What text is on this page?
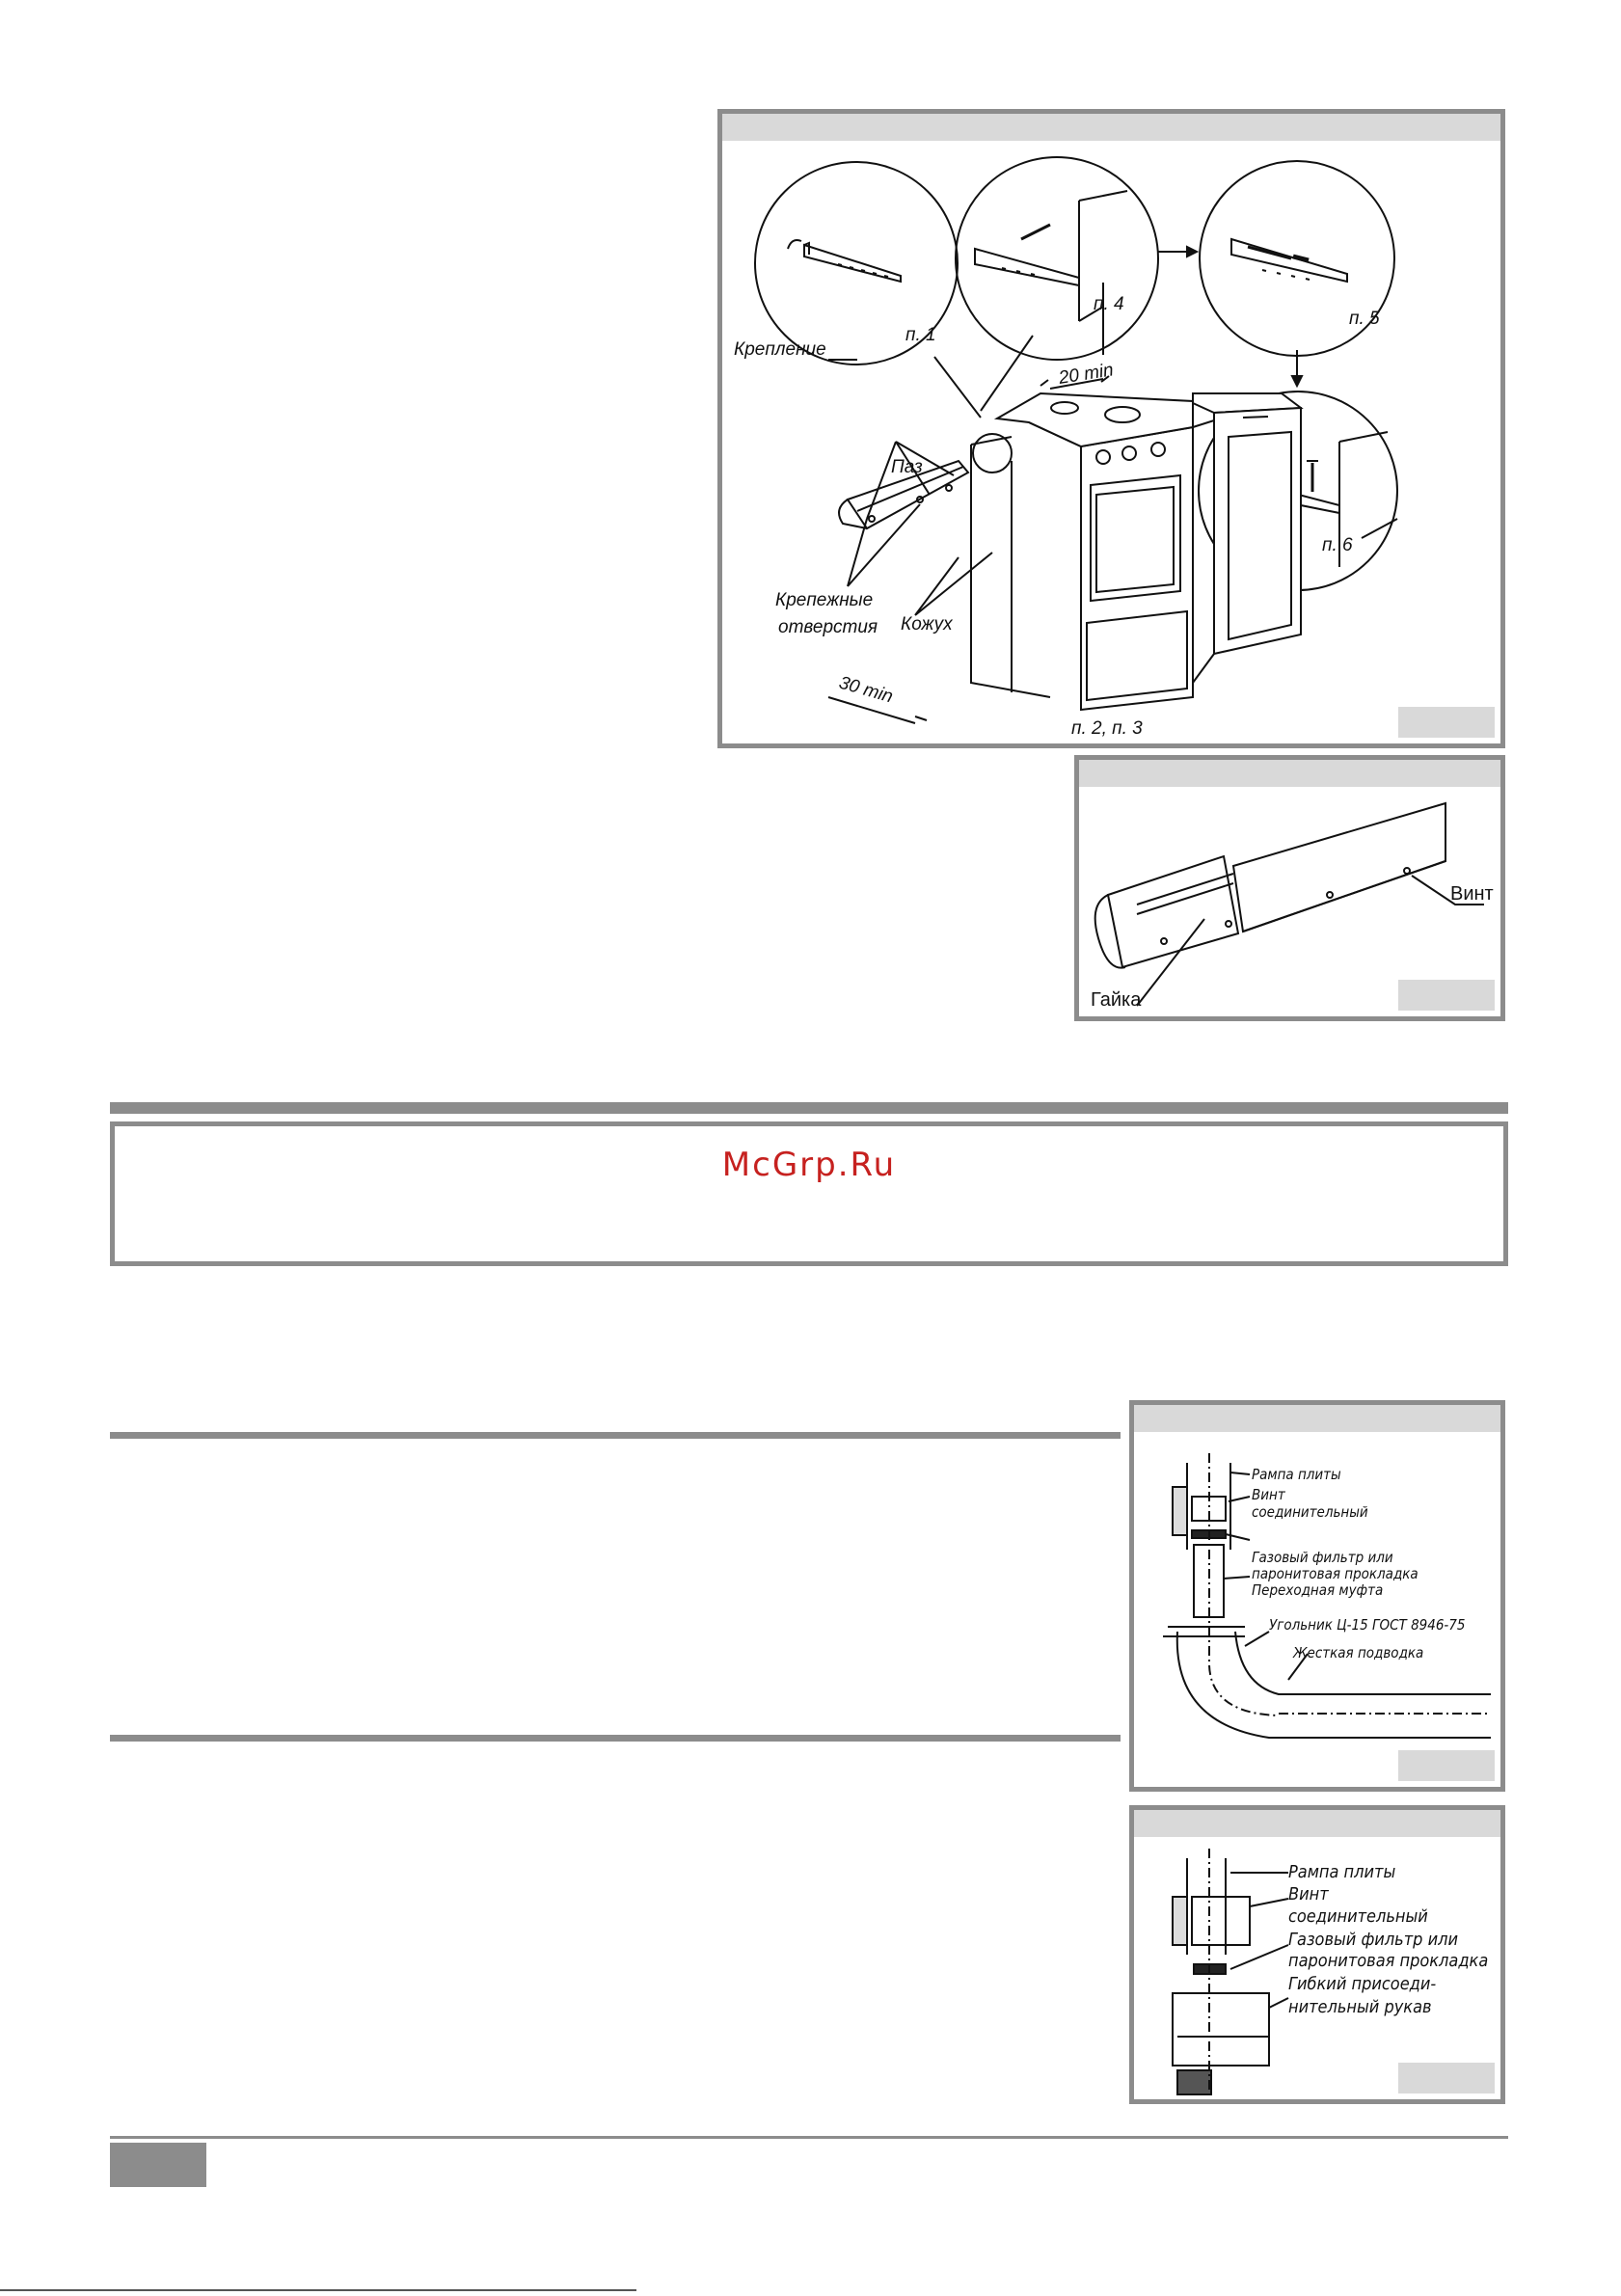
Крепление
п. 1
п. 4
п. 5
п. 6
Паз
Крепежные
отверстия Кожух
20 min
30 min
п. 2, п. 3
Винт
Гайка
McGrp.Ru
Рампа плиты
Винт
соединительный
Газовый фильтр или
паронитовая прокладка
Переходная муфта
Угольник Ц-15 ГОСТ 8946-75
Жесткая подводка
Рампа плиты
Винт
соединительный
Газовый фильтр или
паронитовая прокладка
Гибкий присоеди-
нительный рукав
